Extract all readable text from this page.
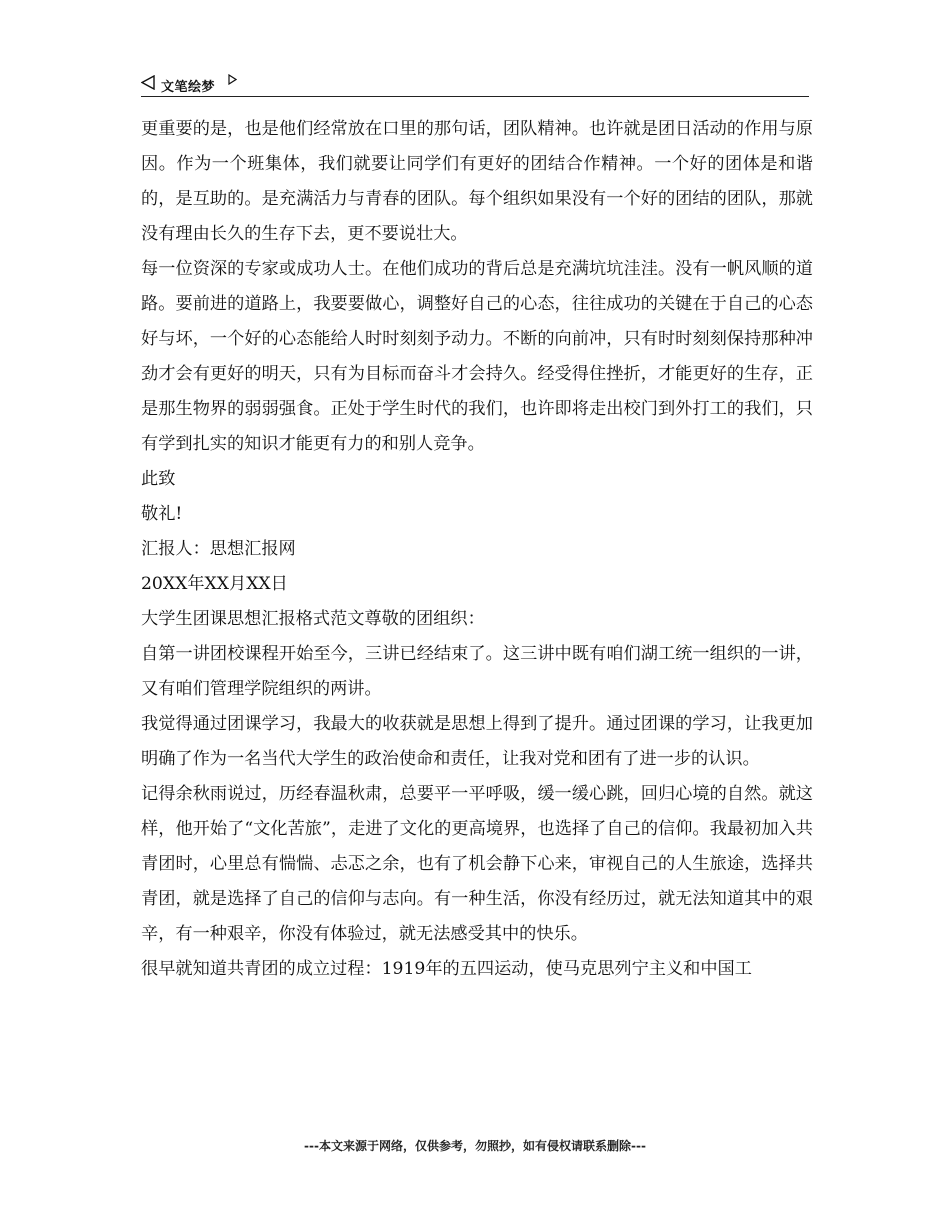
文笔绘梦

更重要的是，也是他们经常放在口里的那句话，团队精神。也许就是团日活动的作用与原因。作为一个班集体，我们就要让同学们有更好的团结合作精神。一个好的团体是和谐的，是互助的。是充满活力与青春的团队。每个组织如果没有一个好的团结的团队，那就没有理由长久的生存下去，更不要说壮大。

每一位资深的专家或成功人士。在他们成功的背后总是充满坑坑洼洼。没有一帆风顺的道路。要前进的道路上，我要要做心，调整好自己的心态，往往成功的关键在于自己的心态好与坏，一个好的心态能给人时时刻刻予动力。不断的向前冲，只有时时刻刻保持那种冲劲才会有更好的明天，只有为目标而奋斗才会持久。经受得住挫折，才能更好的生存，正是那生物界的弱弱强食。正处于学生时代的我们，也许即将走出校门到外打工的我们，只有学到扎实的知识才能更有力的和别人竞争。

此致

敬礼!

汇报人：思想汇报网

20XX年XX月XX日

大学生团课思想汇报格式范文尊敬的团组织：

自第一讲团校课程开始至今，三讲已经结束了。这三讲中既有咱们湖工统一组织的一讲，又有咱们管理学院组织的两讲。

我觉得通过团课学习，我最大的收获就是思想上得到了提升。通过团课的学习，让我更加明确了作为一名当代大学生的政治使命和责任，让我对党和团有了进一步的认识。

记得余秋雨说过，历经春温秋肃，总要平一平呼吸，缓一缓心跳，回归心境的自然。就这样，他开始了“文化苦旅”，走进了文化的更高境界，也选择了自己的信仰。我最初加入共青团时，心里总有惴惴、忐忑之余，也有了机会静下心来，审视自己的人生旅途，选择共青团，就是选择了自己的信仰与志向。有一种生活，你没有经历过，就无法知道其中的艰辛，有一种艰辛，你没有体验过，就无法感受其中的快乐。

很早就知道共青团的成立过程：1919年的五四运动，使马克思列宁主义和中国工

---本文来源于网络，仅供参考，勿照抄，如有侵权请联系删除---
